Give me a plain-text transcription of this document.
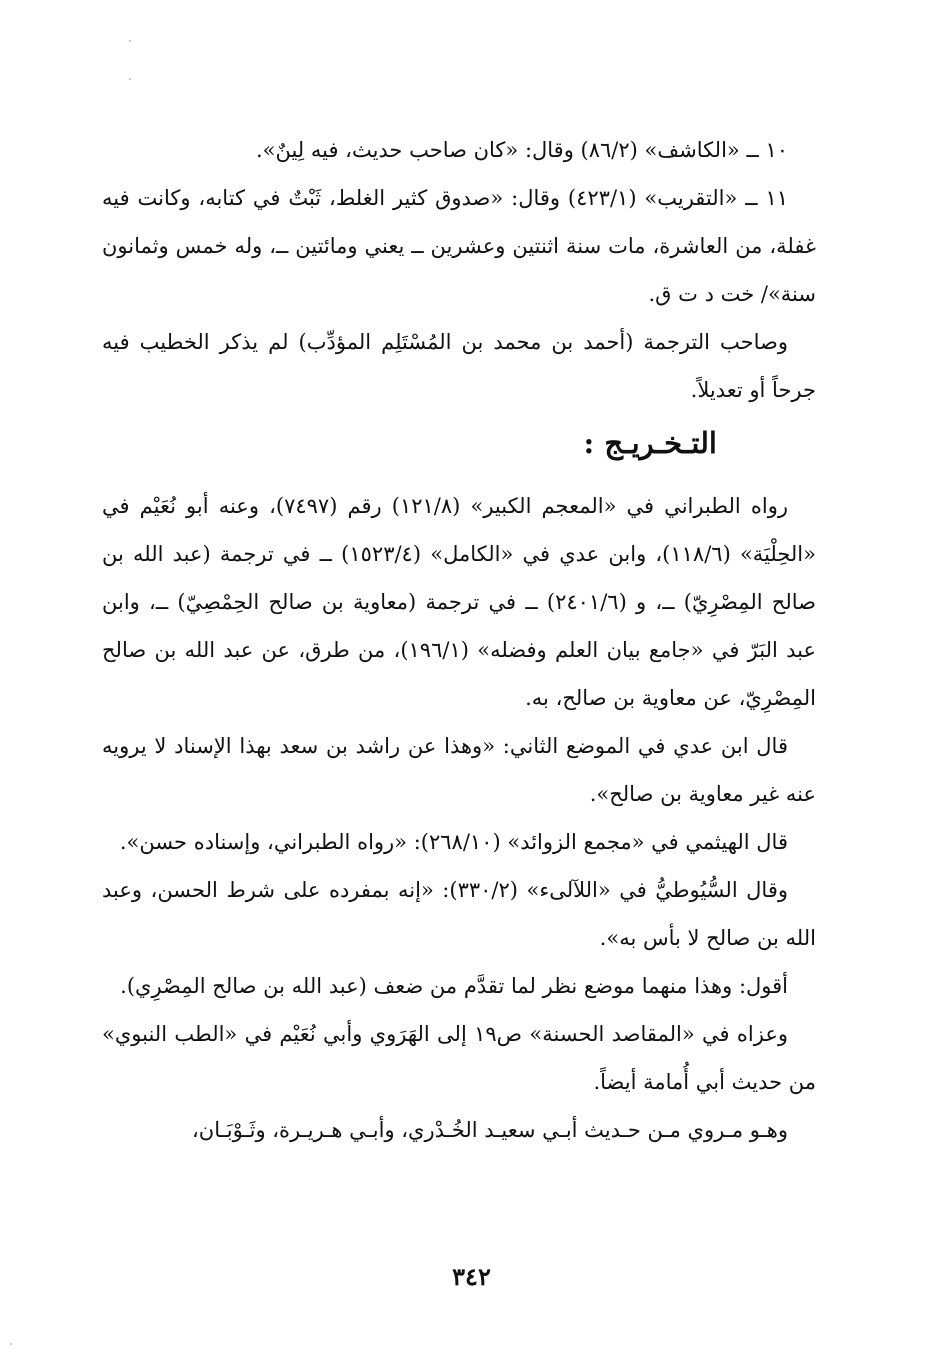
١٠ ــ «الكاشف» (٨٦/٢) وقال: «كان صاحب حديث، فيه لِينٌ».

١١ ــ «التقريب» (٤٢٣/١) وقال: «صدوق كثير الغلط، ثَبْتٌ في كتابه، وكانت فيه غفلة، من العاشرة، مات سنة اثنتين وعشرين ــ يعني ومائتين ــ، وله خمس وثمانون سنة»/ خت د ت ق.

وصاحب الترجمة (أحمد بن محمد بن المُسْتَلِم المؤدِّب) لم يذكر الخطيب فيه جرحاً أو تعديلاً.

التـخـريـج :

رواه الطبراني في «المعجم الكبير» (١٢١/٨) رقم (٧٤٩٧)، وعنه أبو نُعَيْم في «الحِلْيَة» (١١٨/٦)، وابن عدي في «الكامل» (١٥٢٣/٤) ــ في ترجمة (عبد الله بن صالح المِصْرِيّ) ــ، و (٢٤٠١/٦) ــ في ترجمة (معاوية بن صالح الحِمْصِيّ) ــ، وابن عبد البَرّ في «جامع بيان العلم وفضله» (١٩٦/١)، من طرق، عن عبد الله بن صالح المِصْرِيّ، عن معاوية بن صالح، به.

قال ابن عدي في الموضع الثاني: «وهذا عن راشد بن سعد بهذا الإسناد لا يرويه عنه غير معاوية بن صالح».

قال الهيثمي في «مجمع الزوائد» (٢٦٨/١٠): «رواه الطبراني، وإسناده حسن».

وقال السُّيُوطيُّ في «اللآلىء» (٣٣٠/٢): «إنه بمفرده على شرط الحسن، وعبد الله بن صالح لا بأس به».

أقول: وهذا منهما موضع نظر لما تقدَّم من ضعف (عبد الله بن صالح المِصْرِي).

وعزاه في «المقاصد الحسنة» ص١٩ إلى الهَرَوي وأبي نُعَيْم في «الطب النبوي» من حديث أبي أُمامة أيضاً.

وهـو مـروي مـن حـديث أبـي سعيـد الخُـدْري، وأبـي هـريـرة، وثَـوْبَـان،

٣٤٢
